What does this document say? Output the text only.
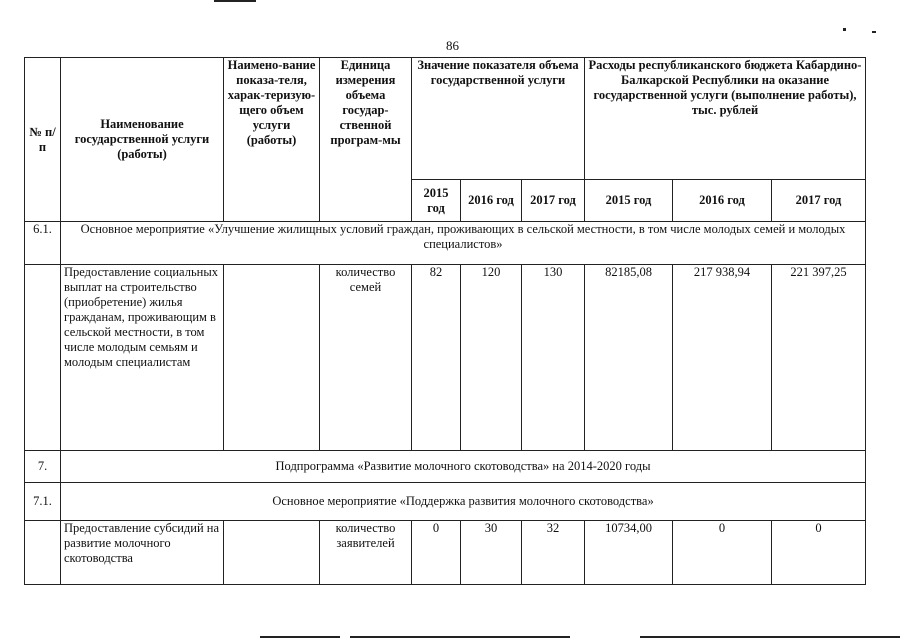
86
№ п/п	Наименование государственной услуги (работы)	Наимено-вание показа-теля, харак-теризую-щего объем услуги (работы)	Единица измерения объема государ-ственной програм-мы	Значение показателя объема государственной услуги			Расходы республиканского бюджета Кабардино-Балкарской Республики на оказание государственной услуги (выполнение работы), тыс. рублей		
				2015 год	2016 год	2017 год	2015 год	2016 год	2017 год
6.1.	Основное мероприятие «Улучшение жилищных условий граждан, проживающих в сельской местности, в том числе молодых семей и молодых специалистов»								
	Предоставление социальных выплат на строительство (приобретение) жилья гражданам, проживающим в сельской местности, в том числе молодым семьям и молодым специалистам		количество семей	82	120	130	82185,08	217 938,94	221 397,25
7.	Подпрограмма «Развитие молочного скотоводства» на 2014-2020 годы								
7.1.	Основное мероприятие «Поддержка развития молочного скотоводства»								
	Предоставление субсидий на развитие молочного скотоводства		количество заявителей	0	30	32	10734,00	0	0
